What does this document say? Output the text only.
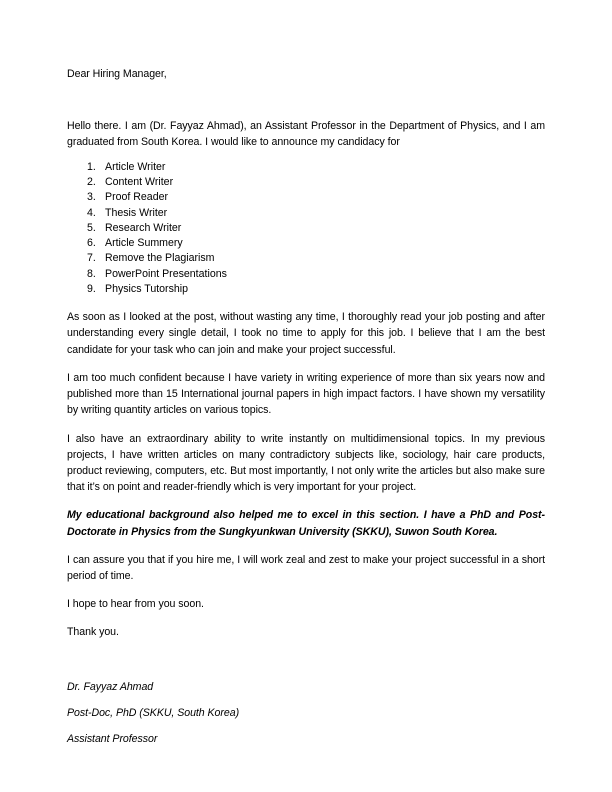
Dear Hiring Manager,

Hello there. I am (Dr. Fayyaz Ahmad), an Assistant Professor in the Department of Physics, and I am graduated from South Korea. I would like to announce my candidacy for

1. Article Writer
2. Content Writer
3. Proof Reader
4. Thesis Writer
5. Research Writer
6. Article Summery
7. Remove the Plagiarism
8. PowerPoint Presentations
9. Physics Tutorship

As soon as I looked at the post, without wasting any time, I thoroughly read your job posting and after understanding every single detail, I took no time to apply for this job. I believe that I am the best candidate for your task who can join and make your project successful.

I am too much confident because I have variety in writing experience of more than six years now and published more than 15 International journal papers in high impact factors. I have shown my versatility by writing quantity articles on various topics.

I also have an extraordinary ability to write instantly on multidimensional topics. In my previous projects, I have written articles on many contradictory subjects like, sociology, hair care products, product reviewing, computers, etc. But most importantly, I not only write the articles but also make sure that it’s on point and reader-friendly which is very important for your project.

My educational background also helped me to excel in this section. I have a PhD and Post-Doctorate in Physics from the Sungkyunkwan University (SKKU), Suwon South Korea.

I can assure you that if you hire me, I will work zeal and zest to make your project successful in a short period of time.

I hope to hear from you soon.

Thank you.

Dr. Fayyaz Ahmad

Post-Doc, PhD (SKKU, South Korea)

Assistant Professor
